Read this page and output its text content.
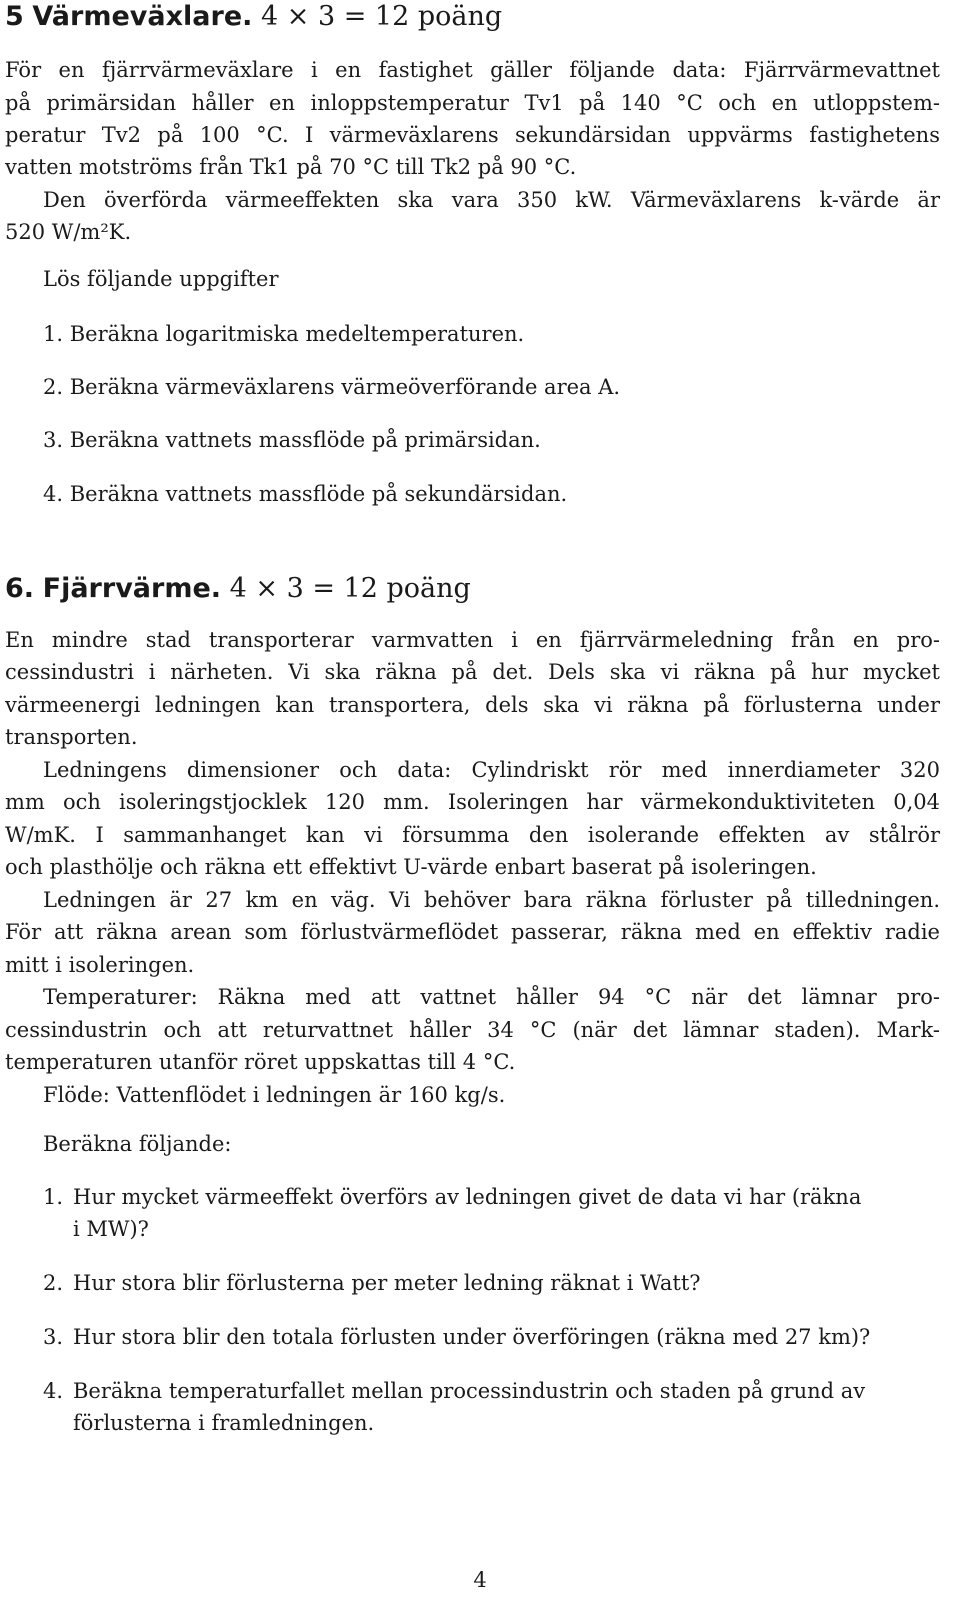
5 Värmeväxlare. 4 × 3 = 12 poäng
För en fjärrvärmeväxlare i en fastighet gäller följande data: Fjärrvärmevattnet
på primärsidan håller en inloppstemperatur Tv1 på 140 °C och en utloppstem-
peratur Tv2 på 100 °C. I värmeväxlarens sekundärsidan uppvärms fastighetens
vatten motströms från Tk1 på 70 °C till Tk2 på 90 °C.
Den överförda värmeeffekten ska vara 350 kW. Värmeväxlarens k-värde är
520 W/m²K.
Lös följande uppgifter
1. Beräkna logaritmiska medeltemperaturen.
2. Beräkna värmeväxlarens värmeöverförande area A.
3. Beräkna vattnets massflöde på primärsidan.
4. Beräkna vattnets massflöde på sekundärsidan.
6. Fjärrvärme. 4 × 3 = 12 poäng
En mindre stad transporterar varmvatten i en fjärrvärmeledning från en pro-
cessindustri i närheten. Vi ska räkna på det. Dels ska vi räkna på hur mycket
värmeenergi ledningen kan transportera, dels ska vi räkna på förlusterna under
transporten.
Ledningens dimensioner och data: Cylindriskt rör med innerdiameter 320
mm och isoleringstjocklek 120 mm. Isoleringen har värmekonduktiviteten 0,04
W/mK. I sammanhanget kan vi försumma den isolerande effekten av stålrör
och plasthölje och räkna ett effektivt U-värde enbart baserat på isoleringen.
Ledningen är 27 km en väg. Vi behöver bara räkna förluster på tilledningen.
För att räkna arean som förlustvärmeflödet passerar, räkna med en effektiv radie
mitt i isoleringen.
Temperaturer: Räkna med att vattnet håller 94 °C när det lämnar pro-
cessindustrin och att returvattnet håller 34 °C (när det lämnar staden). Mark-
temperaturen utanför röret uppskattas till 4 °C.
Flöde: Vattenflödet i ledningen är 160 kg/s.
Beräkna följande:
1. Hur mycket värmeeffekt överförs av ledningen givet de data vi har (räkna
i MW)?
2. Hur stora blir förlusterna per meter ledning räknat i Watt?
3. Hur stora blir den totala förlusten under överföringen (räkna med 27 km)?
4. Beräkna temperaturfallet mellan processindustrin och staden på grund av
förlusterna i framledningen.
4
